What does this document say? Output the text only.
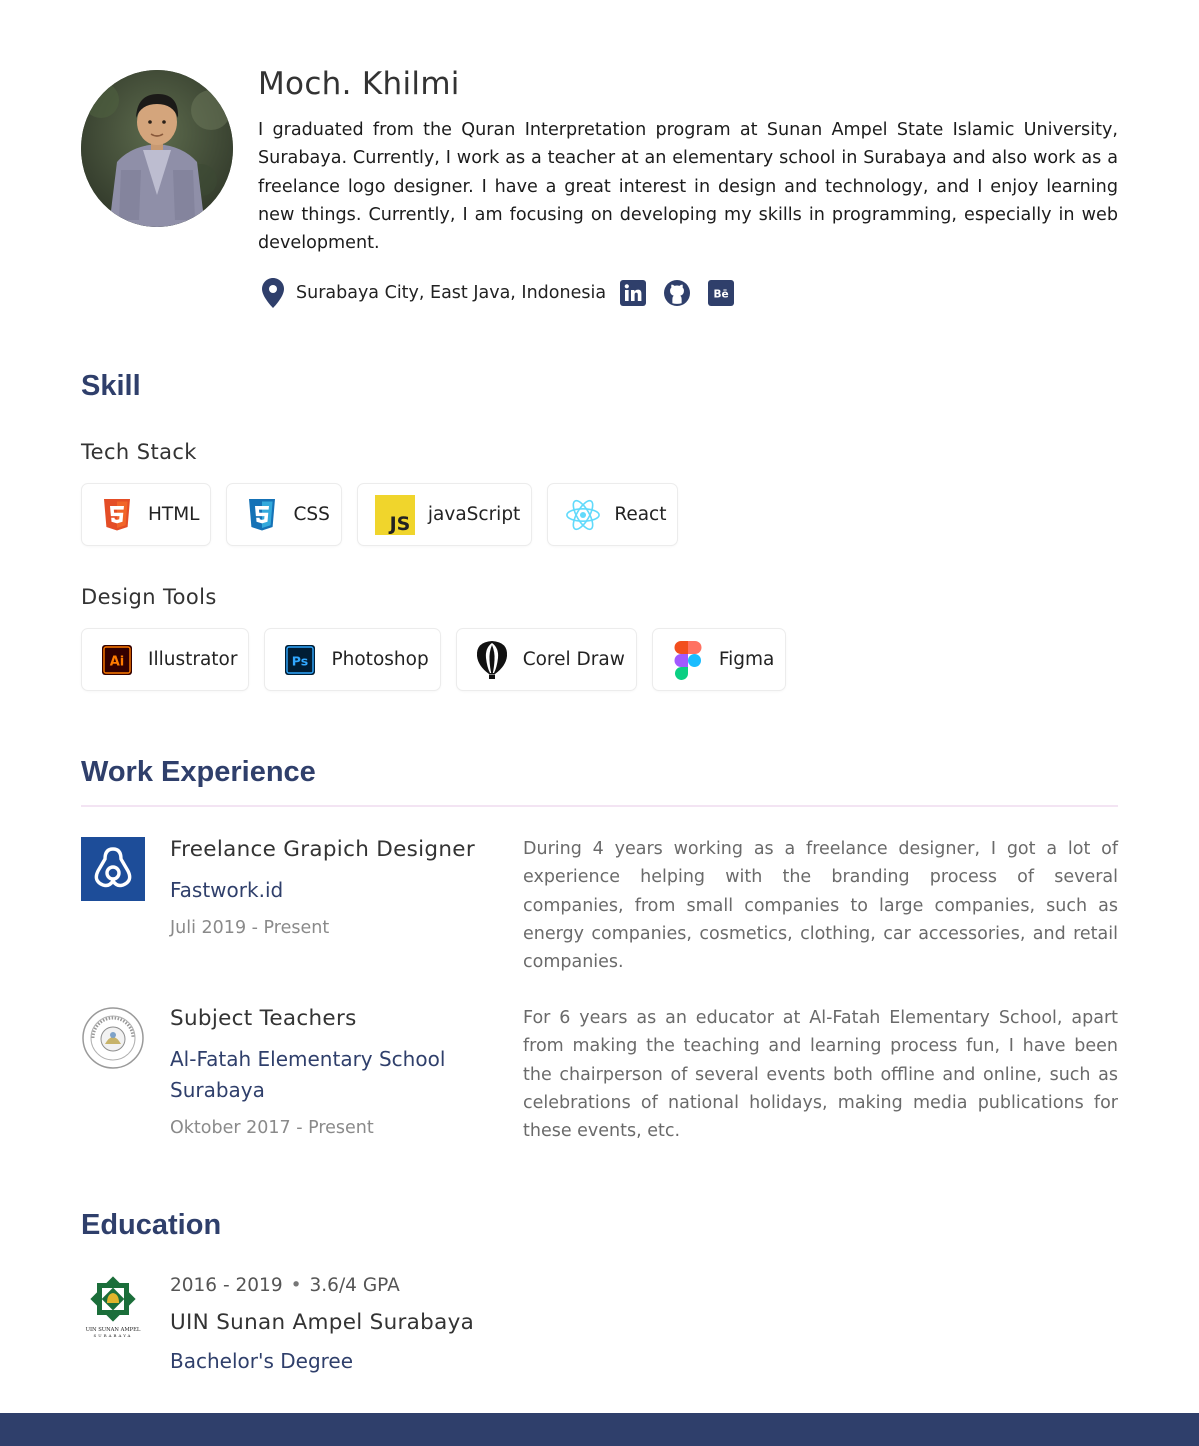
Moch. Khilmi

I graduated from the Quran Interpretation program at Sunan Ampel State Islamic University, Surabaya. Currently, I work as a teacher at an elementary school in Surabaya and also work as a freelance logo designer. I have a great interest in design and technology, and I enjoy learning new things. Currently, I am focusing on developing my skills in programming, especially in web development.

Surabaya City, East Java, Indonesia	Bē
Skill
Tech Stack
HTML	CSS	JS javaScript	React
Design Tools
Ai Illustrator	Ps Photoshop	Corel Draw	Figma
Work Experience
Freelance Grapich Designer
Fastwork.id
Juli 2019 - Present

During 4 years working as a freelance designer, I got a lot of experience helping with the branding process of several companies, from small companies to large companies, such as energy companies, cosmetics, clothing, car accessories, and retail companies.

Subject Teachers
Al-Fatah Elementary School Surabaya
Oktober 2017 - Present

For 6 years as an educator at Al-Fatah Elementary School, apart from making the teaching and learning process fun, I have been the chairperson of several events both offline and online, such as celebrations of national holidays, making media publications for these events, etc.

Education
UIN SUNAN AMPEL
SURABAYA
2016 - 2019 • 3.6/4 GPA
UIN Sunan Ampel Surabaya
Bachelor's Degree
